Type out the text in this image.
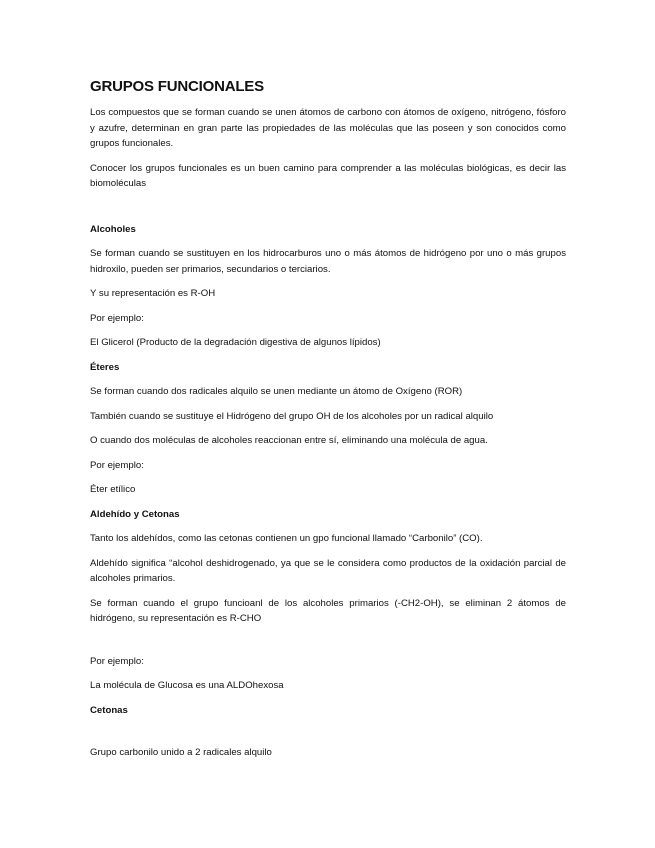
GRUPOS FUNCIONALES

Los compuestos que se forman cuando se unen átomos de carbono con átomos de oxígeno, nitrógeno, fósforo y azufre, determinan en gran parte las propiedades de las moléculas que las poseen y son conocidos como grupos funcionales.

Conocer los grupos funcionales es un buen camino para comprender a las moléculas biológicas, es decir las biomoléculas

Alcoholes

Se forman cuando se sustituyen en los hidrocarburos uno o más átomos de hidrógeno por uno o más grupos hidroxilo, pueden ser primarios, secundarios o terciarios.

Y su representación es R-OH

Por ejemplo:

El Glicerol (Producto de la degradación digestiva de algunos lípidos)

Éteres

Se forman cuando dos radicales alquilo se unen mediante un átomo de Oxígeno (ROR)

También cuando se sustituye el Hidrógeno del grupo OH de los alcoholes por un radical alquilo

O cuando dos moléculas de alcoholes reaccionan entre sí, eliminando una molécula de agua.

Por ejemplo:

Éter etílico

Aldehído y Cetonas

Tanto los aldehídos, como las cetonas contienen un gpo funcional llamado “Carbonilo” (CO).

Aldehído significa “alcohol deshidrogenado, ya que se le considera como productos de la oxidación parcial de alcoholes primarios.

Se forman cuando el grupo funcioanl de los alcoholes primarios (-CH2-OH), se eliminan 2 átomos de hidrógeno, su representación es R-CHO

Por ejemplo:

La molécula de Glucosa es una ALDOhexosa

Cetonas

Grupo carbonilo unido a 2 radicales alquilo
